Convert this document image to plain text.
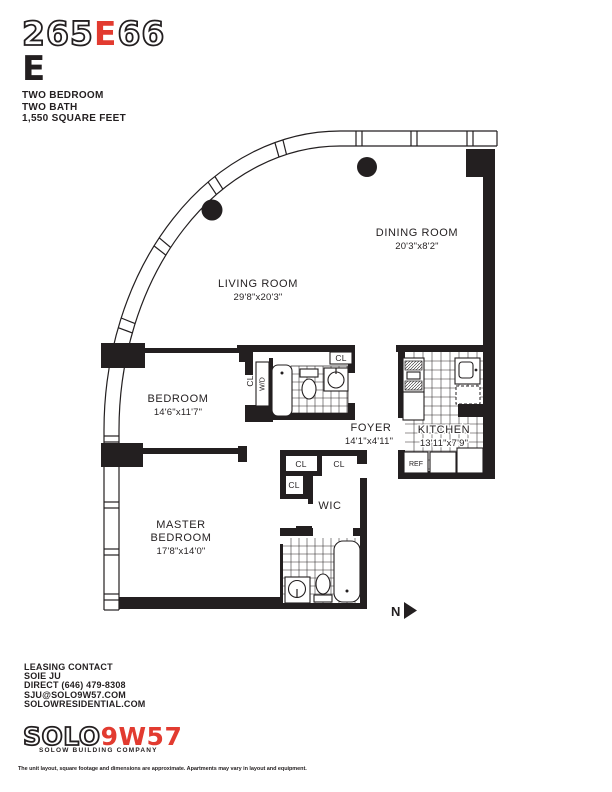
265E66
E
TWO BEDROOM
TWO BATH
1,550 SQUARE FEET
CL
W/D
CL
REF
LIVING ROOM
29'8"x20'3"
DINING ROOM
20'3"x8'2"
BEDROOM
14'6"x11'7"
FOYER
14'1"x4'11"
KITCHEN
13'11"x7'9"
MASTER
BEDROOM
17'8"x14'0"
WIC
CL	CL
CL
N
LEASING CONTACT
SOIE JU
DIRECT (646) 479-8308
SJU@SOLO9W57.COM
SOLOWRESIDENTIAL.COM
SOLO9W57
SOLOW BUILDING COMPANY
The unit layout, square footage and dimensions are approximate. Apartments may vary in layout and equipment.
